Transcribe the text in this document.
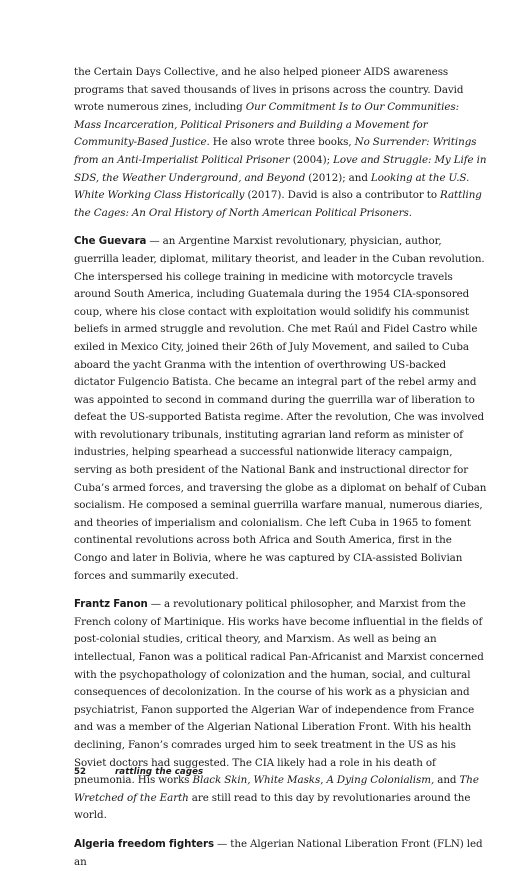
the Certain Days Collective, and he also helped pioneer AIDS awareness programs that saved thousands of lives in prisons across the country. David wrote numerous zines, including Our Commitment Is to Our Communities: Mass Incarceration, Political Prisoners and Building a Movement for Community-Based Justice. He also wrote three books, No Surrender: Writings from an Anti-Imperialist Political Prisoner (2004); Love and Struggle: My Life in SDS, the Weather Underground, and Beyond (2012); and Looking at the U.S. White Working Class Historically (2017). David is also a contributor to Rattling the Cages: An Oral History of North American Political Prisoners.

Che Guevara — an Argentine Marxist revolutionary, physician, author, guerrilla leader, diplomat, military theorist, and leader in the Cuban revolution. Che interspersed his college training in medicine with motorcycle travels around South America, including Guatemala during the 1954 CIA-sponsored coup, where his close contact with exploitation would solidify his communist beliefs in armed struggle and revolution. Che met Raúl and Fidel Castro while exiled in Mexico City, joined their 26th of July Movement, and sailed to Cuba aboard the yacht Granma with the intention of overthrowing US-backed dictator Fulgencio Batista. Che became an integral part of the rebel army and was appointed to second in command during the guerrilla war of liberation to defeat the US-supported Batista regime. After the revolution, Che was involved with revolutionary tribunals, instituting agrarian land reform as minister of industries, helping spearhead a successful nationwide literacy campaign, serving as both president of the National Bank and instructional director for Cuba’s armed forces, and traversing the globe as a diplomat on behalf of Cuban socialism. He composed a seminal guerrilla warfare manual, numerous diaries, and theories of imperialism and colonialism. Che left Cuba in 1965 to foment continental revolutions across both Africa and South America, first in the Congo and later in Bolivia, where he was captured by CIA-assisted Bolivian forces and summarily executed.

Frantz Fanon — a revolutionary political philosopher, and Marxist from the French colony of Martinique. His works have become influential in the fields of post-colonial studies, critical theory, and Marxism. As well as being an intellectual, Fanon was a political radical Pan-Africanist and Marxist concerned with the psychopathology of colonization and the human, social, and cultural consequences of decolonization. In the course of his work as a physician and psychiatrist, Fanon supported the Algerian War of independence from France and was a member of the Algerian National Liberation Front. With his health declining, Fanon’s comrades urged him to seek treatment in the US as his Soviet doctors had suggested. The CIA likely had a role in his death of pneumonia. His works Black Skin, White Masks, A Dying Colonialism, and The Wretched of the Earth are still read to this day by revolutionaries around the world.

Algeria freedom fighters — the Algerian National Liberation Front (FLN) led an

52	rattling the cages
